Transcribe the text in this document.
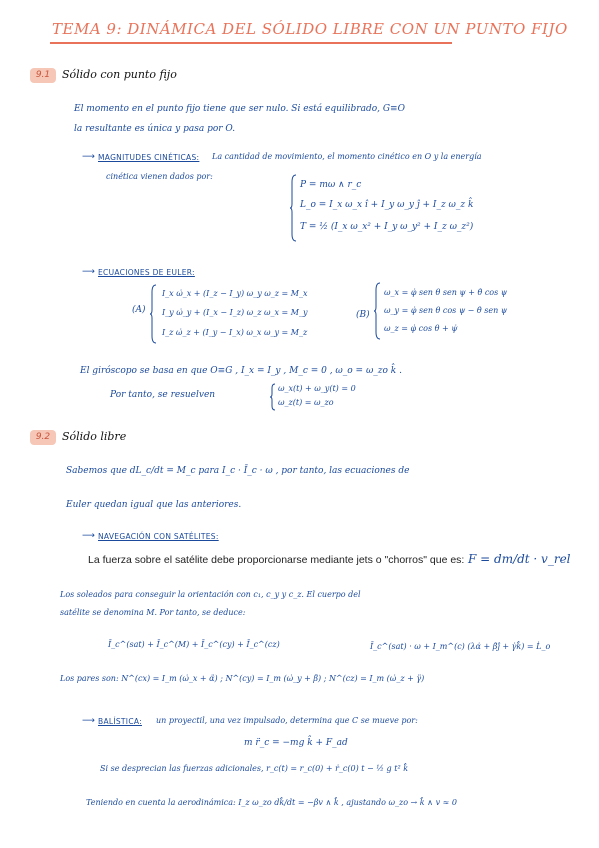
TEMA 9: DINÁMICA DEL SÓLIDO LIBRE CON UN PUNTO FIJO
9.1	Sólido con punto fijo
El momento en el punto fijo tiene que ser nulo. Si está equilibrado, G≡O
la resultante es única y pasa por O.
⟶ MAGNITUDES CINÉTICAS: La cantidad de movimiento, el momento cinético en O y la energía
cinética vienen dados por:
P = mω ∧ r_c
L_o = I_x ω_x î + I_y ω_y ĵ + I_z ω_z k̂
T = ½ (I_x ω_x² + I_y ω_y² + I_z ω_z²)
⟶ ECUACIONES DE EULER:
(A)
I_x ω̇_x + (I_z − I_y) ω_y ω_z = M_x
I_y ω̇_y + (I_x − I_z) ω_z ω_x = M_y
I_z ω̇_z + (I_y − I_x) ω_x ω_y = M_z
(B)
ω_x = φ̇ sen θ sen ψ + θ̇ cos ψ
ω_y = φ̇ sen θ cos ψ − θ̇ sen ψ
ω_z = φ̇ cos θ + ψ̇
El giróscopo se basa en que O≡G , I_x = I_y , M_c = 0 , ω_o = ω_zo k̂ .
Por tanto, se resuelven
ω_x(t) + ω_y(t) = 0
ω_z(t) = ω_zo
9.2	Sólido libre
Sabemos que dL_c/dt = M_c para I_c · Ī_c · ω , por tanto, las ecuaciones de
Euler quedan igual que las anteriores.
⟶ NAVEGACIÓN CON SATÉLITES:
La fuerza sobre el satélite debe proporcionarse mediante jets o "chorros" que es: F = dm/dt · v_rel
Los soleados para conseguir la orientación con c₁, c_y y c_z. El cuerpo del
satélite se denomina M. Por tanto, se deduce:
Ī_c^(sat) + Ī_c^(M) + Ī_c^(cy) + Ī_c^(cz)	Ī_c^(sat) · ω + I_m^(c) (λα̇ + β̇ĵ + γ̇k̂) = L̇_o
Los pares son: N^(cx) = I_m (ω̇_x + α̈) ; N^(cy) = I_m (ω̇_y + β̈) ; N^(cz) = I_m (ω̇_z + γ̈)
⟶ BALÍSTICA: un proyectil, una vez impulsado, determina que C se mueve por:
m r̈_c = −mg k̂ + F_ad
Si se desprecian las fuerzas adicionales, r_c(t) = r_c(0) + ṙ_c(0) t − ½ g t² k̂
Teniendo en cuenta la aerodinámica: I_z ω_zo dk̂/dt = −βv ∧ k̂ , ajustando ω_zo → k̂ ∧ v ≈ 0
